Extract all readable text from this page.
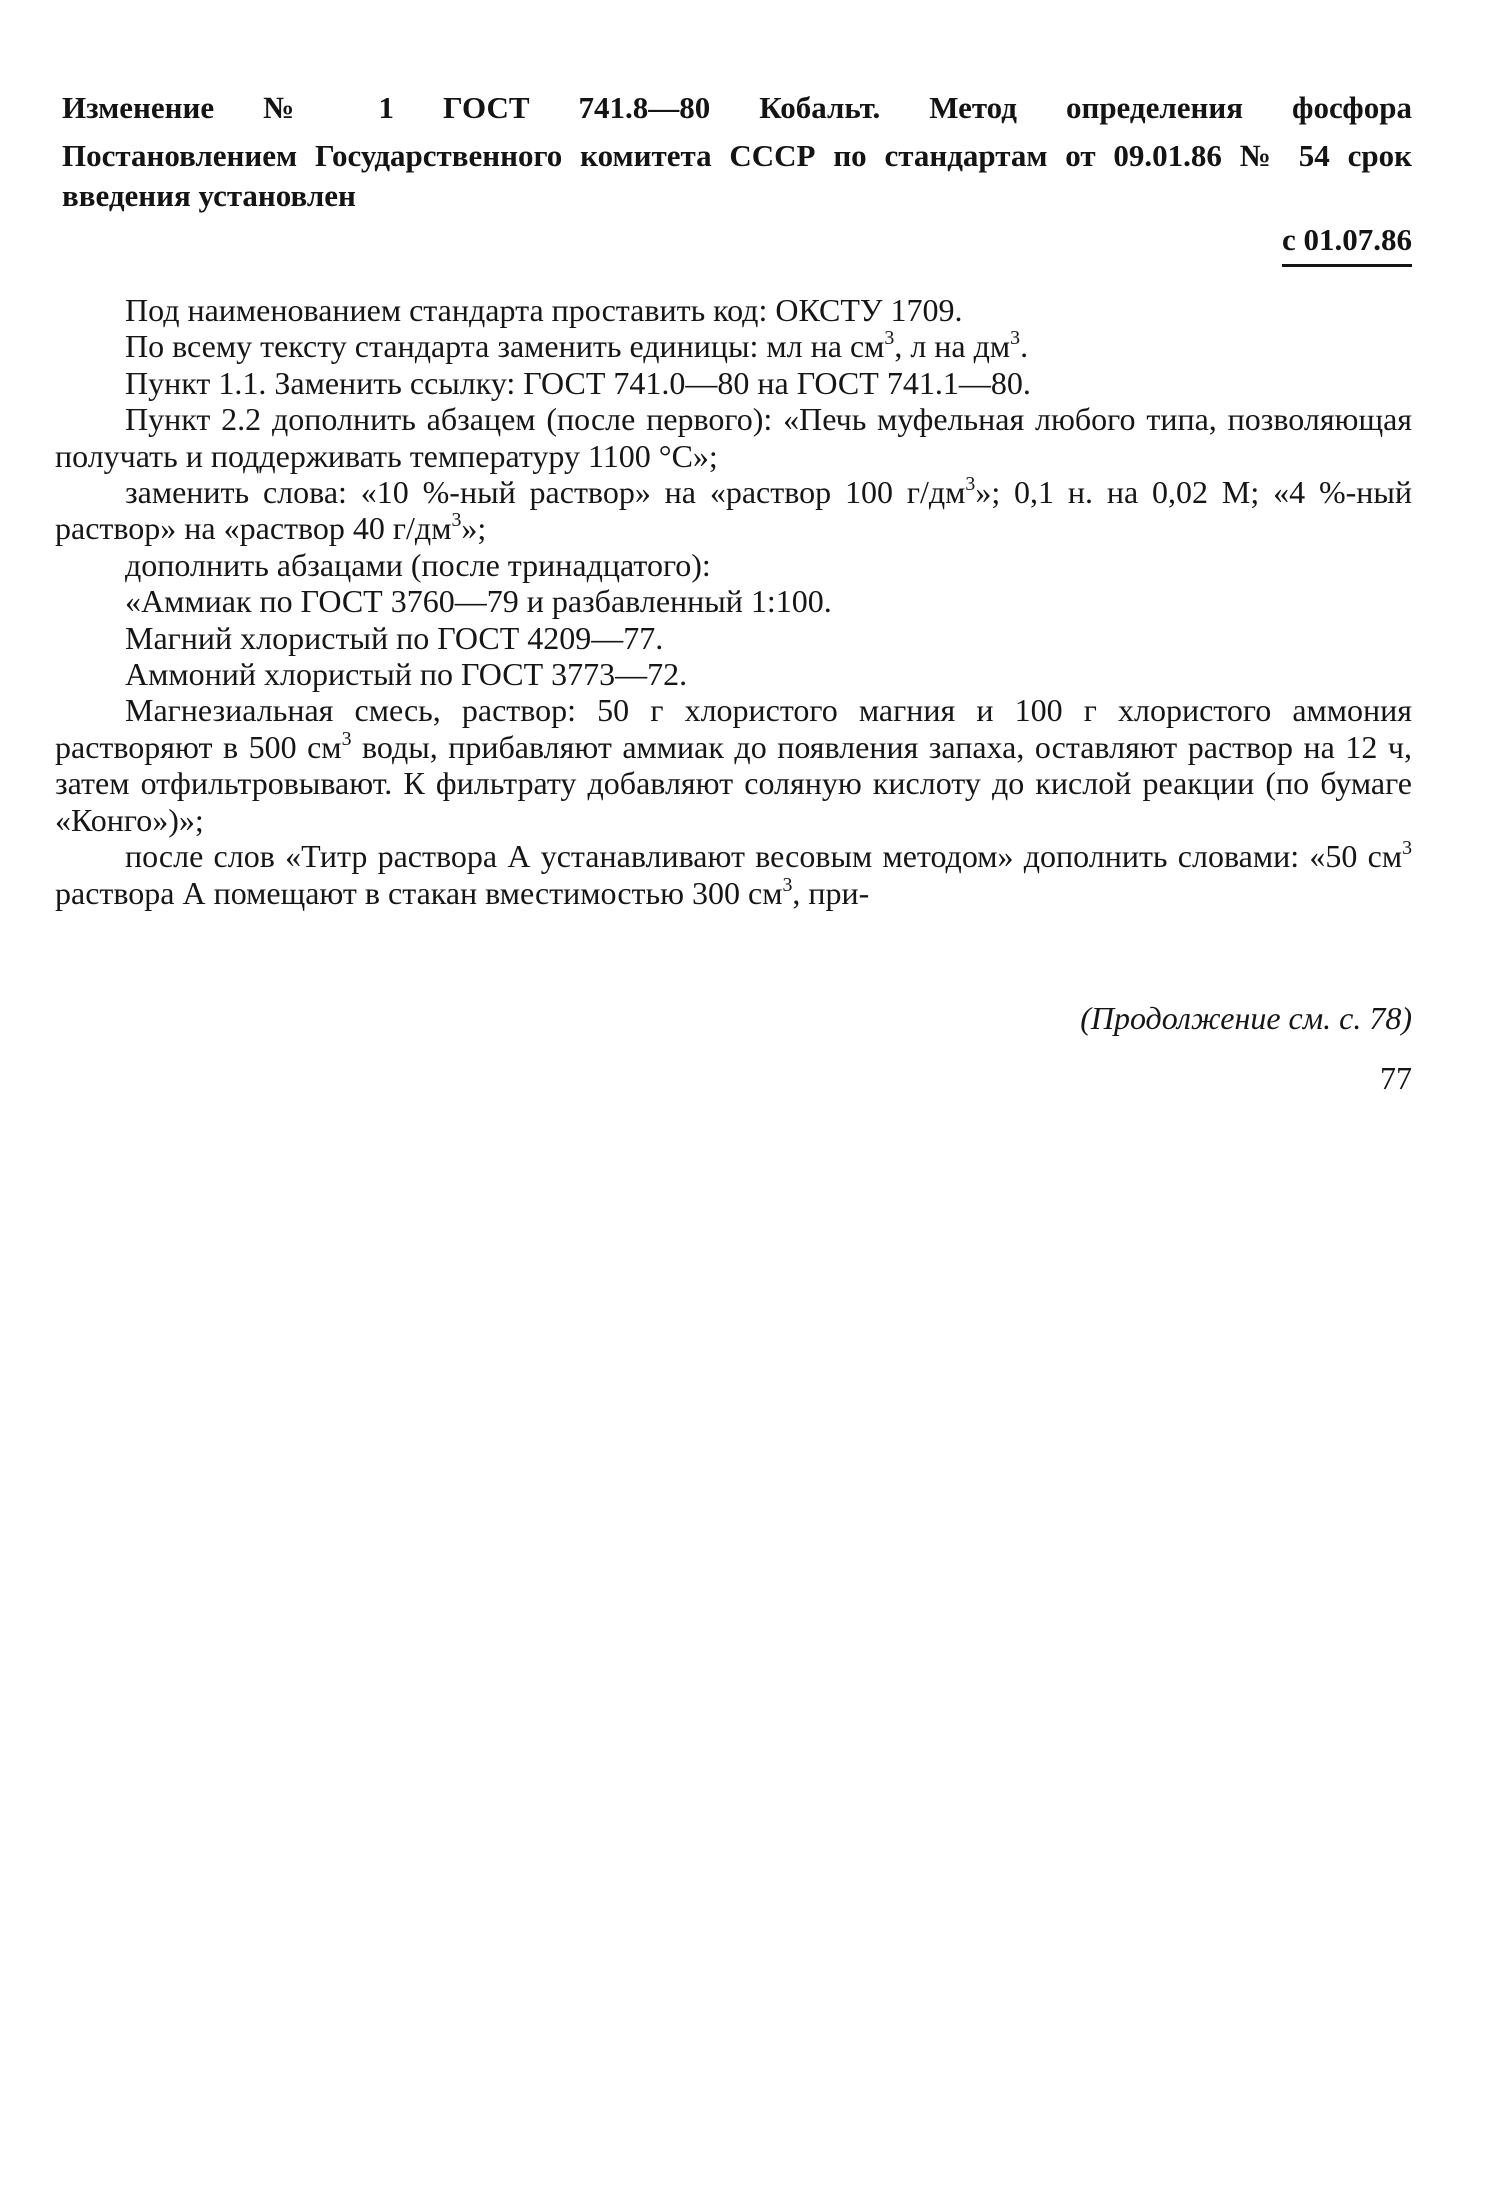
Изменение № 1 ГОСТ 741.8—80 Кобальт. Метод определения фосфора
Постановлением Государственного комитета СССР по стандартам от 09.01.86 № 54 срок введения установлен
с 01.07.86

Под наименованием стандарта проставить код: ОКСТУ 1709.

По всему тексту стандарта заменить единицы: мл на $см^3$, л на $дм^3$.

Пункт 1.1. Заменить ссылку: ГОСТ 741.0—80 на ГОСТ 741.1—80.

Пункт 2.2 дополнить абзацем (после первого): «Печь муфельная любого типа, позволяющая получать и поддерживать температуру 1100 °С»;

заменить слова: «10 %-ный раствор» на «раствор 100 $г/дм^3$»; 0,1 н. на 0,02 М; «4 %-ный раствор» на «раствор 40 $г/дм^3$»;

дополнить абзацами (после тринадцатого):

«Аммиак по ГОСТ 3760—79 и разбавленный 1:100.

Магний хлористый по ГОСТ 4209—77.

Аммоний хлористый по ГОСТ 3773—72.

Магнезиальная смесь, раствор: 50 г хлористого магния и 100 г хлористого аммония растворяют в 500 $см^3$ воды, прибавляют аммиак до появления запаха, оставляют раствор на 12 ч, затем отфильтровывают. К фильтрату добавляют соляную кислоту до кислой реакции (по бумаге «Конго»)»;

после слов «Титр раствора А устанавливают весовым методом» дополнить словами: «50 $см^3$ раствора А помещают в стакан вместимостью 300 $см^3$, при-

(Продолжение см. с. 78)
77
